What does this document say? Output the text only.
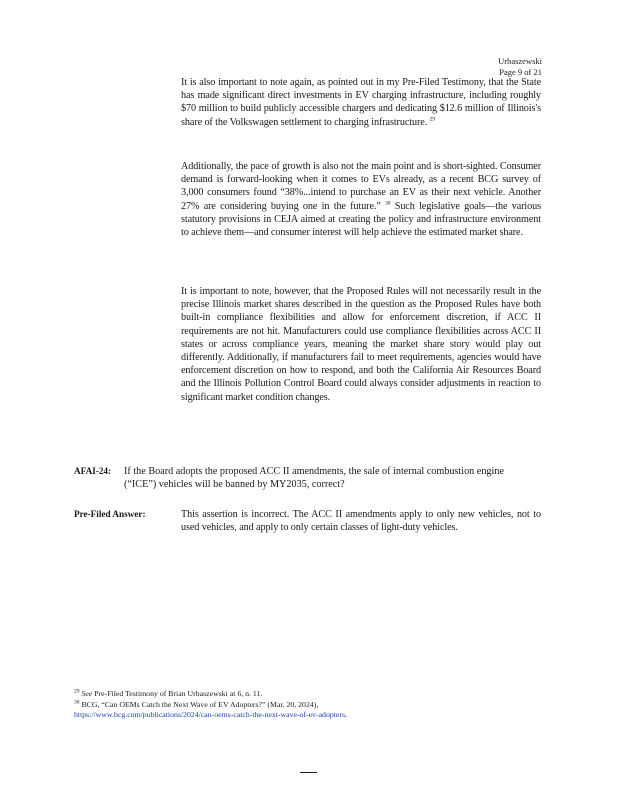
Urbaszewski
Page 9 of 21
It is also important to note again, as pointed out in my Pre-Filed Testimony, that the State has made significant direct investments in EV charging infrastructure, including roughly $70 million to build publicly accessible chargers and dedicating $12.6 million of Illinois's share of the Volkswagen settlement to charging infrastructure. $^{29}$
Additionally, the pace of growth is also not the main point and is short-sighted. Consumer demand is forward-looking when it comes to EVs already, as a recent BCG survey of 3,000 consumers found “38%...intend to purchase an EV as their next vehicle. Another 27% are considering buying one in the future.” $^{30}$ Such legislative goals—the various statutory provisions in CEJA aimed at creating the policy and infrastructure environment to achieve them—and consumer interest will help achieve the estimated market share.
It is important to note, however, that the Proposed Rules will not necessarily result in the precise Illinois market shares described in the question as the Proposed Rules have both built-in compliance flexibilities and allow for enforcement discretion, if ACC II requirements are not hit. Manufacturers could use compliance flexibilities across ACC II states or across compliance years, meaning the market share story would play out differently. Additionally, if manufacturers fail to meet requirements, agencies would have enforcement discretion on how to respond, and both the California Air Resources Board and the Illinois Pollution Control Board could always consider adjustments in reaction to significant market condition changes.
AFAI-24: If the Board adopts the proposed ACC II amendments, the sale of internal combustion engine (“ICE”) vehicles will be banned by MY2035, correct?
Pre-Filed Answer:	This assertion is incorrect. The ACC II amendments apply to only new vehicles, not to used vehicles, and apply to only certain classes of light-duty vehicles.
$^{29}$ See Pre-Filed Testimony of Brian Urbaszewski at 6, n. 11.
$^{30}$ BCG, “Can OEMs Catch the Next Wave of EV Adopters?” (Mar. 20, 2024),
https://www.bcg.com/publications/2024/can-oems-catch-the-next-wave-of-ev-adopters.
